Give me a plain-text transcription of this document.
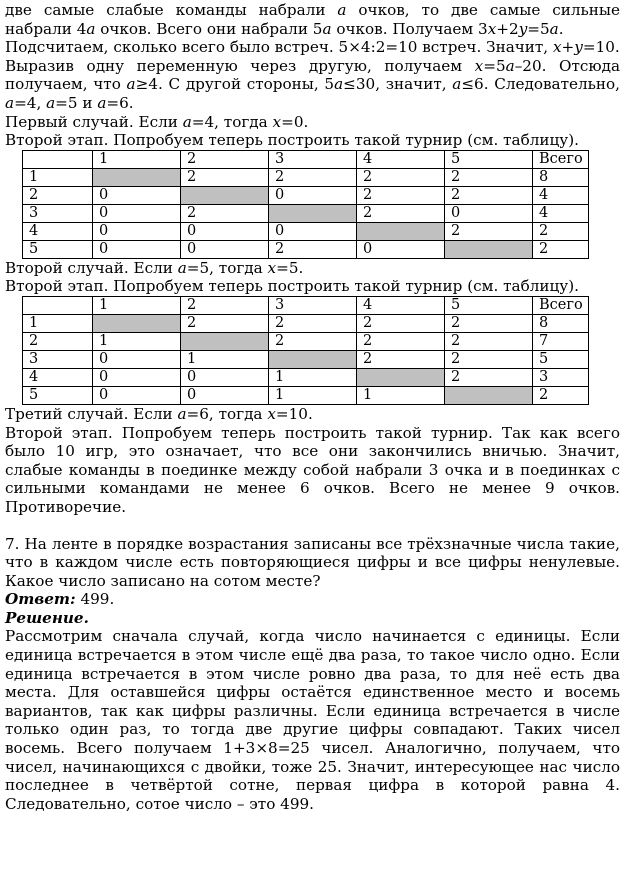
две самые слабые команды набрали a очков, то две самые сильные набрали 4a очков. Всего они набрали 5a очков. Получаем 3x+2y=5a.

Подсчитаем, сколько всего было встреч. 5×4:2=10 встреч. Значит, x+y=10.

Выразив одну переменную через другую, получаем x=5a–20. Отсюда получаем, что a≥4. С другой стороны, 5a≤30, значит, a≤6. Следовательно, a=4, a=5 и a=6.

Первый случай. Если a=4, тогда x=0.

Второй этап. Попробуем теперь построить такой турнир (см. таблицу).

	1	2	3	4	5	Всего
1		2	2	2	2	8
2	0		0	2	2	4
3	0	2		2	0	4
4	0	0	0		2	2
5	0	0	2	0		2

Второй случай. Если a=5, тогда x=5.

Второй этап. Попробуем теперь построить такой турнир (см. таблицу).

	1	2	3	4	5	Всего
1		2	2	2	2	8
2	1		2	2	2	7
3	0	1		2	2	5
4	0	0	1		2	3
5	0	0	1	1		2

Третий случай. Если a=6, тогда x=10.

Второй этап. Попробуем теперь построить такой турнир. Так как всего было 10 игр, это означает, что все они закончились вничью. Значит, слабые команды в поединке между собой набрали 3 очка и в поединках с сильными командами не менее 6 очков. Всего не менее 9 очков. Противоречие.

7. На ленте в порядке возрастания записаны все трёхзначные числа такие, что в каждом числе есть повторяющиеся цифры и все цифры ненулевые. Какое число записано на сотом месте?

Ответ: 499.

Решение.

Рассмотрим сначала случай, когда число начинается с единицы. Если единица встречается в этом числе ещё два раза, то такое число одно. Если единица встречается в этом числе ровно два раза, то для неё есть два места. Для оставшейся цифры остаётся единственное место и восемь вариантов, так как цифры различны. Если единица встречается в числе только один раз, то тогда две другие цифры совпадают. Таких чисел восемь. Всего получаем 1+3×8=25 чисел. Аналогично, получаем, что чисел, начинающихся с двойки, тоже 25. Значит, интересующее нас число последнее в четвёртой сотне, первая цифра в которой равна 4. Следовательно, сотое число – это 499.
